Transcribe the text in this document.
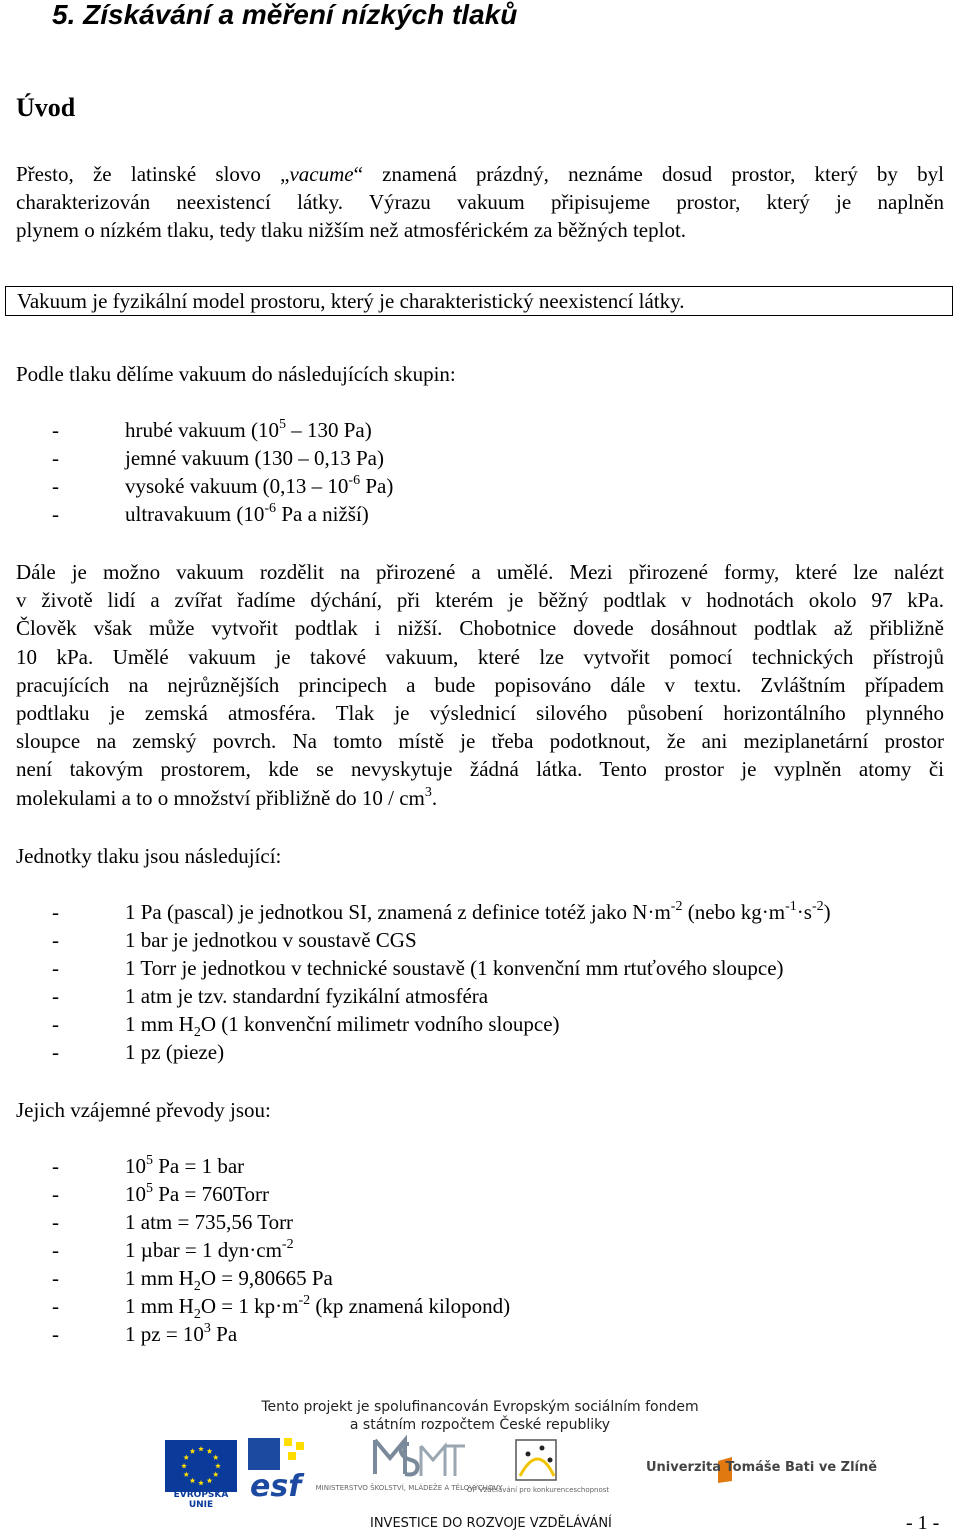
5. Získávání a měření nízkých tlaků
Úvod
Přesto, že latinské slovo „vacume“ znamená prázdný, neznáme dosud prostor, který by byl
charakterizován neexistencí látky. Výrazu vakuum připisujeme prostor, který je naplněn
plynem o nízkém tlaku, tedy tlaku nižším než atmosférickém za běžných teplot.
Vakuum je fyzikální model prostoru, který je charakteristický neexistencí látky.
Podle tlaku dělíme vakuum do následujících skupin:
-	hrubé vakuum ($10^5 - 130$ Pa)
-	jemné vakuum (130 – 0,13 Pa)
-	vysoké vakuum ($0,13 - 10^{-6}$ Pa)
-	ultravakuum ($10^{-6}$ Pa a nižší)
Dále je možno vakuum rozdělit na přirozené a umělé. Mezi přirozené formy, které lze nalézt
v životě lidí a zvířat řadíme dýchání, při kterém je běžný podtlak v hodnotách okolo 97 kPa.
Člověk však může vytvořit podtlak i nižší. Chobotnice dovede dosáhnout podtlak až přibližně
10 kPa. Umělé vakuum je takové vakuum, které lze vytvořit pomocí technických přístrojů
pracujících na nejrůznějších principech a bude popisováno dále v textu. Zvláštním případem
podtlaku je zemská atmosféra. Tlak je výslednicí silového působení horizontálního plynného
sloupce na zemský povrch. Na tomto místě je třeba podotknout, že ani meziplanetární prostor
není takovým prostorem, kde se nevyskytuje žádná látka. Tento prostor je vyplněn atomy či
molekulami a to o množství přibližně do $10 / cm^3$.
Jednotky tlaku jsou následující:
-	1 Pa (pascal) je jednotkou SI, znamená z definice totéž jako $N\cdot m^{-2}$ (nebo $kg\cdot m^{-1}\cdot s^{-2}$)
-	1 bar je jednotkou v soustavě CGS
-	1 Torr je jednotkou v technické soustavě (1 konvenční mm rtuťového sloupce)
-	1 atm je tzv. standardní fyzikální atmosféra
-	1 mm $H_2O$ (1 konvenční milimetr vodního sloupce)
-	1 pz (pieze)
Jejich vzájemné převody jsou:
-	$10^5$ Pa = 1 bar
-	$10^5$ Pa = 760Torr
-	1 atm = 735,56 Torr
-	1 µbar = 1 $dyn\cdot cm^{-2}$
-	1 mm $H_2O = 9,80665$ Pa
-	1 mm $H_2O = 1$ $kp\cdot m^{-2}$ (kp znamená kilopond)
-	1 pz = $10^3$ Pa
Tento projekt je spolufinancován Evropským sociálním fondem
a státním rozpočtem České republiky
EVROPSKÁ UNIE
esf	MINISTERSTVO ŠKOLSTVÍ, MLÁDEŽE A TĚLOVÝCHOVY
OP Vzdělávání pro konkurenceschopnost
Univerzita Tomáše Bati ve Zlíně
INVESTICE DO ROZVOJE VZDĚLÁVÁNÍ	- 1 -
